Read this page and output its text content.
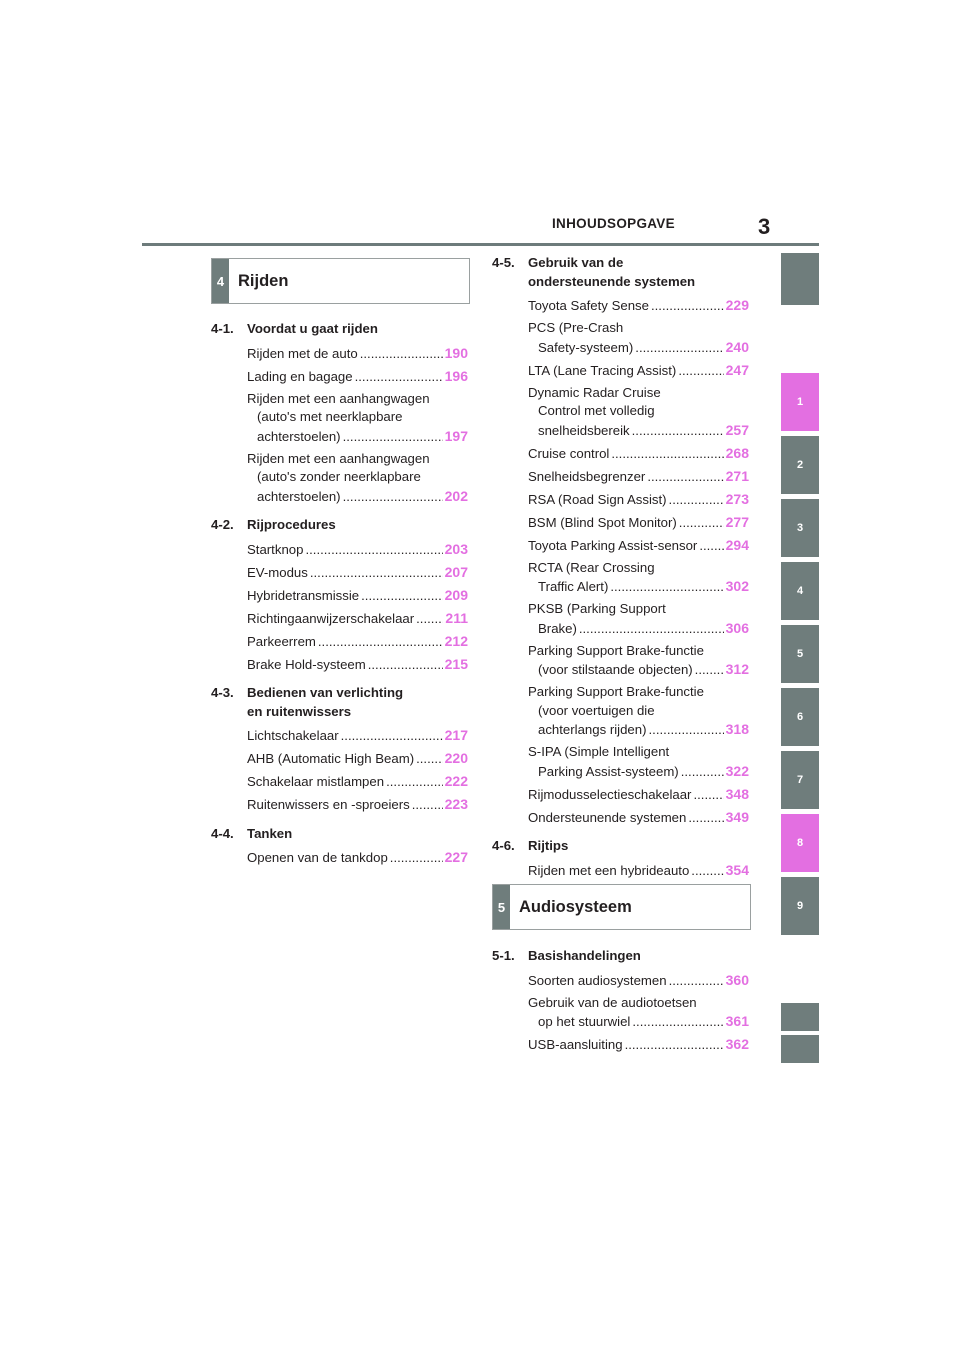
INHOUDSOPGAVE	3
1
2
3
4
5
6
7
8
9
4 Rijden
4-1. Voordat u gaat rijden
Rijden met de auto .....	190
Lading en bagage .....	196
Rijden met een aanhangwagen
(auto's met neerklapbare
achterstoelen) .....	197
Rijden met een aanhangwagen
(auto's zonder neerklapbare
achterstoelen) .....	202
4-2. Rijprocedures
Startknop .....	203
EV-modus .....	207
Hybridetransmissie .....	209
Richtingaanwijzerschakelaar ..... 211
Parkeerrem .....	212
Brake Hold-systeem .....	215
4-3. Bedienen van verlichting
en ruitenwissers
Lichtschakelaar .....	217
AHB (Automatic High Beam) ..... 220
Schakelaar mistlampen .....	222
Ruitenwissers en -sproeiers ..... 223
4-4. Tanken
Openen van de tankdop .....	227
4-5. Gebruik van de
ondersteunende systemen
Toyota Safety Sense .....	229
PCS (Pre-Crash
Safety-systeem) .....	240
LTA (Lane Tracing Assist) .....	247
Dynamic Radar Cruise
Control met volledig
snelheidsbereik .....	257
Cruise control .....	268
Snelheidsbegrenzer .....	271
RSA (Road Sign Assist) .....	273
BSM (Blind Spot Monitor) .....	277
Toyota Parking Assist-sensor ..... 294
RCTA (Rear Crossing
Traffic Alert) .....	302
PKSB (Parking Support
Brake) .....	306
Parking Support Brake-functie
(voor stilstaande objecten) ..... 312
Parking Support Brake-functie
(voor voertuigen die
achterlangs rijden) .....	318
S-IPA (Simple Intelligent
Parking Assist-systeem) .....	322
Rijmodusselectieschakelaar ..... 348
Ondersteunende systemen .....	349
4-6. Rijtips
Rijden met een hybrideauto .....	354
.....
5 Audiosysteem
5-1. Basishandelingen
Soorten audiosystemen .....	360
Gebruik van de audiotoetsen
op het stuurwiel .....	361
USB-aansluiting .....	362
